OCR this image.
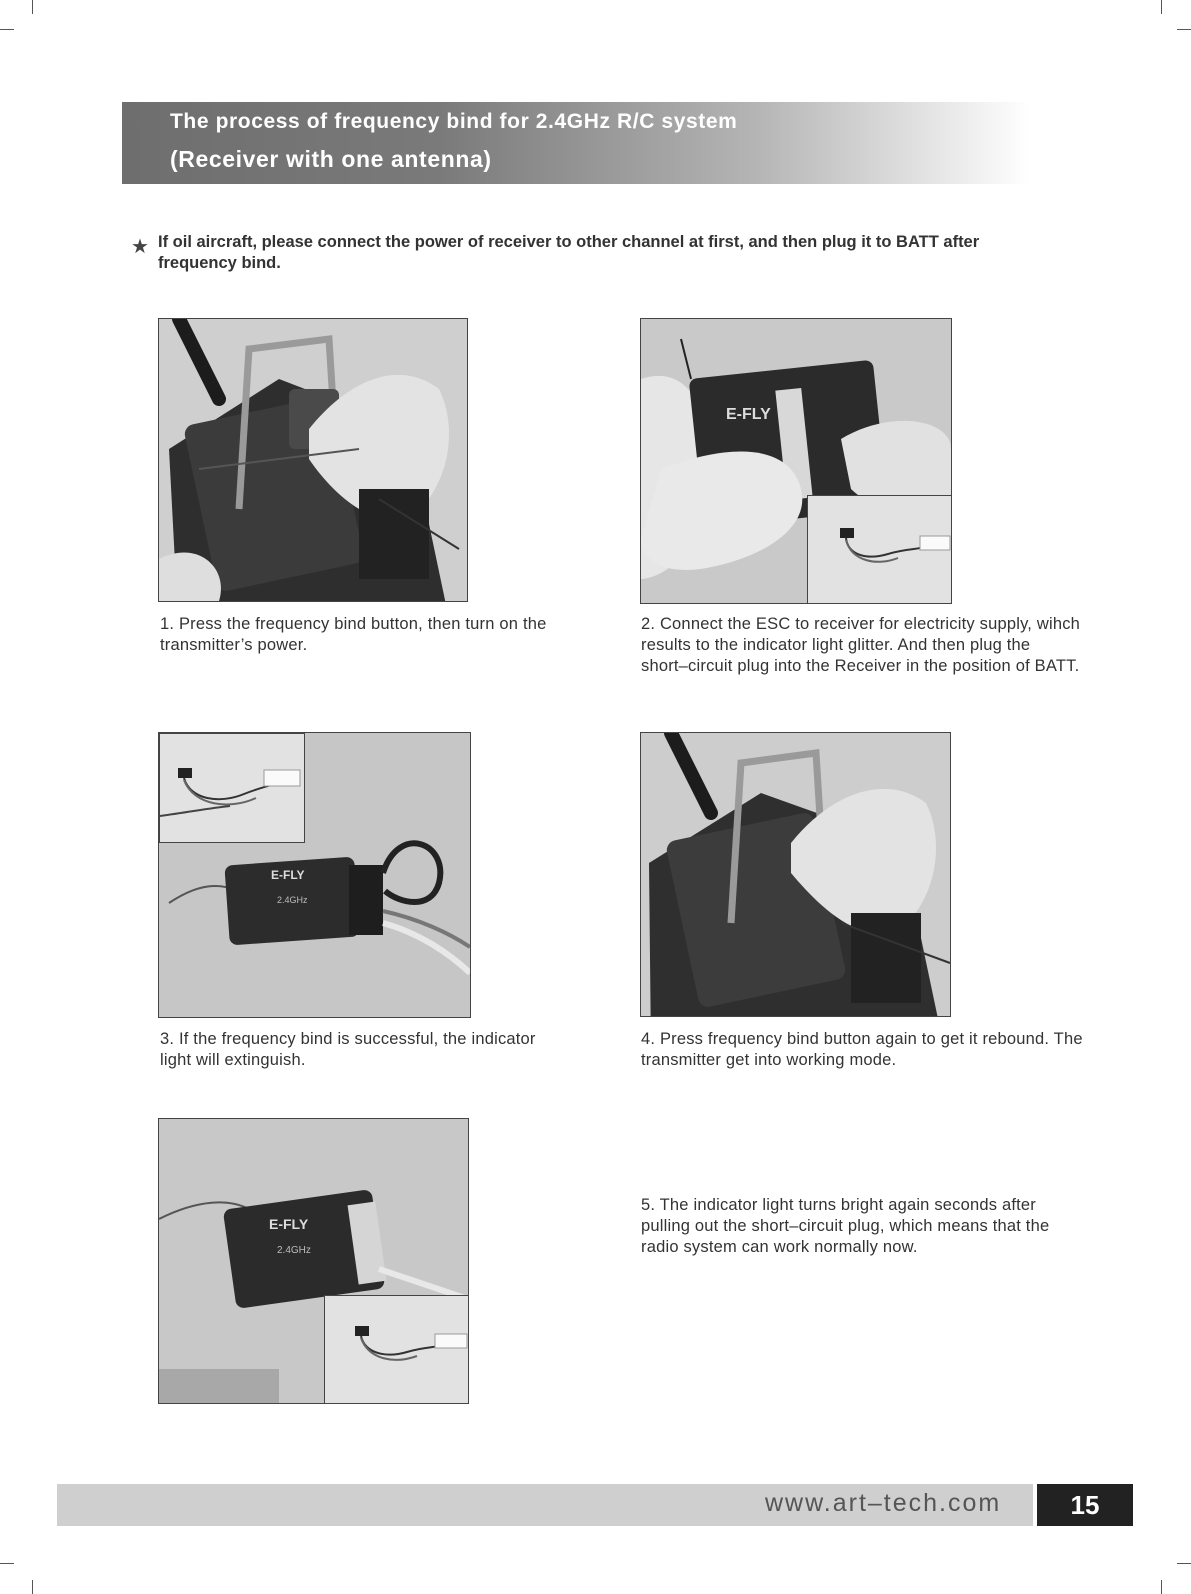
The process of frequency bind for 2.4GHz R/C system
(Receiver with one antenna)
★ If oil aircraft, please connect the power of receiver to other channel at first, and then plug it to BATT after frequency bind.
1. Press the frequency bind button, then turn on the transmitter’s power.
E-FLY
2. Connect the ESC to receiver for electricity supply, wihch results to the indicator light glitter. And then plug the short–circuit plug into the Receiver in the position of BATT.
E-FLY
2.4GHz
3. If the frequency bind is successful, the indicator light will extinguish.
4. Press frequency bind button again to get it rebound. The transmitter get into working mode.
E-FLY
2.4GHz
5. The indicator light turns bright again seconds after pulling out the short–circuit plug, which means that the radio system can work normally now.
www.art–tech.com	15
